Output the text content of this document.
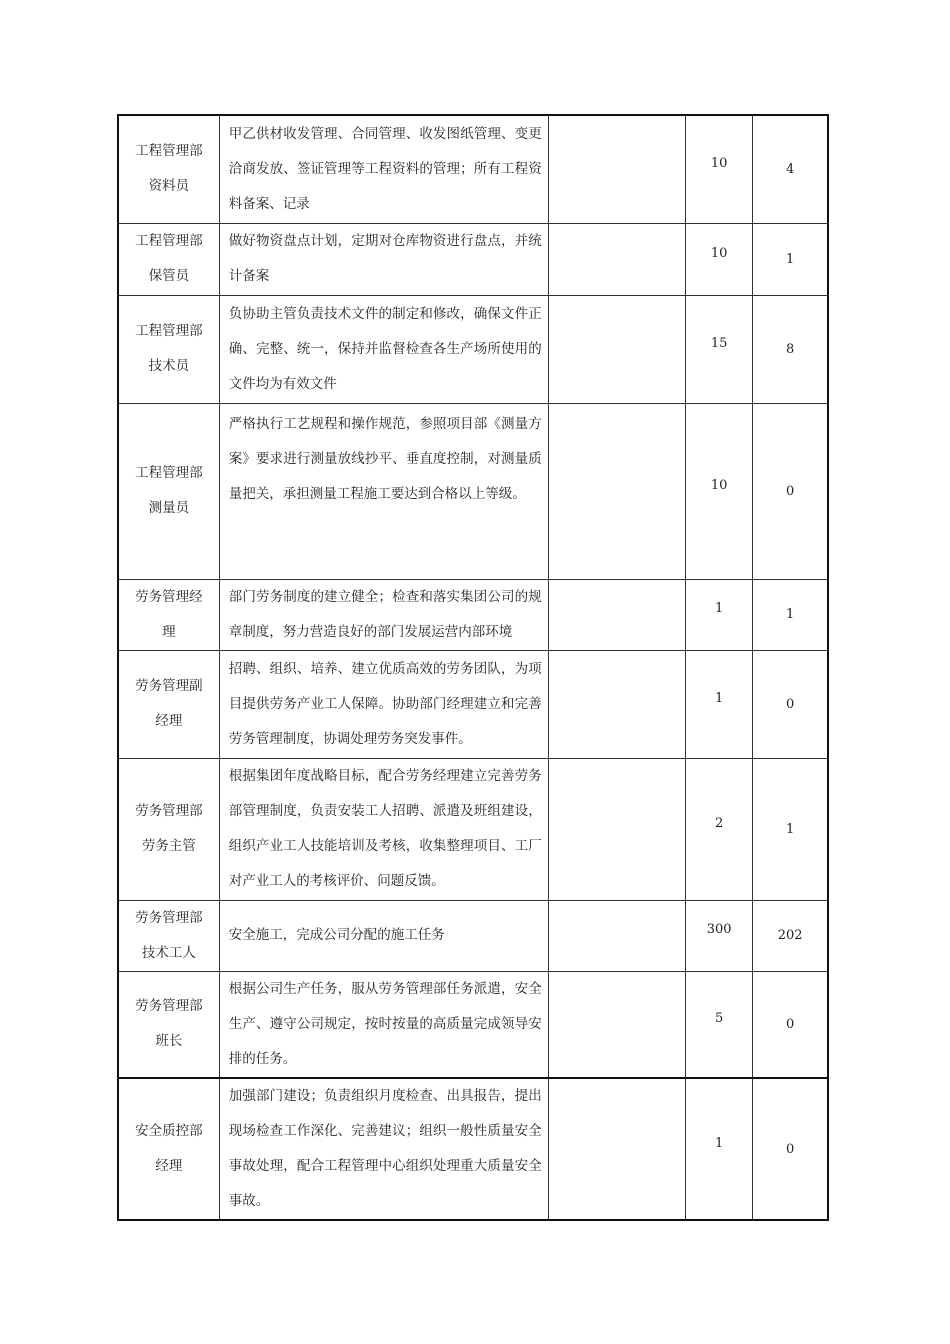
工程管理部
资料员	甲乙供材收发管理、合同管理、收发图纸管理、变更洽商发放、签证管理等工程资料的管理；所有工程资料备案、记录		10	4

工程管理部
保管员	做好物资盘点计划，定期对仓库物资进行盘点，并统计备案		10	1

工程管理部
技术员	负协助主管负责技术文件的制定和修改，确保文件正确、完整、统一，保持并监督检查各生产场所使用的文件均为有效文件		15	8

工程管理部
测量员	严格执行工艺规程和操作规范，参照项目部《测量方案》要求进行测量放线抄平、垂直度控制，对测量质量把关，承担测量工程施工要达到合格以上等级。		10	0

劳务管理经
理	部门劳务制度的建立健全；检查和落实集团公司的规章制度，努力营造良好的部门发展运营内部环境		1	1

劳务管理副
经理	招聘、组织、培养、建立优质高效的劳务团队，为项目提供劳务产业工人保障。协助部门经理建立和完善劳务管理制度，协调处理劳务突发事件。		1	0

劳务管理部
劳务主管	根据集团年度战略目标，配合劳务经理建立完善劳务部管理制度，负责安装工人招聘、派遣及班组建设，组织产业工人技能培训及考核，收集整理项目、工厂对产业工人的考核评价、问题反馈。		2	1

劳务管理部
技术工人	安全施工，完成公司分配的施工任务		300	202

劳务管理部
班长	根据公司生产任务，服从劳务管理部任务派遣，安全生产、遵守公司规定，按时按量的高质量完成领导安排的任务。		5	0

安全质控部
经理	加强部门建设；负责组织月度检查、出具报告，提出现场检查工作深化、完善建议；组织一般性质量安全事故处理，配合工程管理中心组织处理重大质量安全事故。		1	0
